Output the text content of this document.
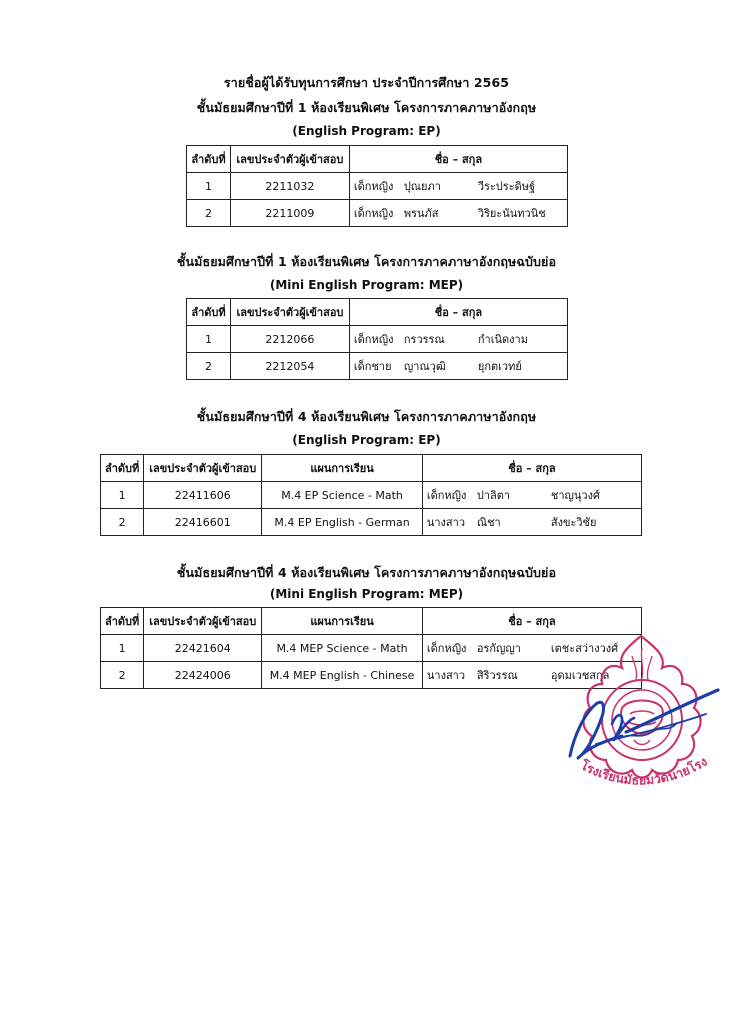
รายชื่อผู้ได้รับทุนการศึกษา ประจำปีการศึกษา 2565
ชั้นมัธยมศึกษาปีที่ 1 ห้องเรียนพิเศษ โครงการภาคภาษาอังกฤษ
(English Program: EP)
ลำดับที่	เลขประจำตัวผู้เข้าสอบ	ชื่อ – สกุล
1	2211032	เด็กหญิง ปุณยภา วีระประดิษฐ์
2	2211009	เด็กหญิง พรนภัส วิริยะนันทวนิช
ชั้นมัธยมศึกษาปีที่ 1 ห้องเรียนพิเศษ โครงการภาคภาษาอังกฤษฉบับย่อ
(Mini English Program: MEP)
ลำดับที่	เลขประจำตัวผู้เข้าสอบ	ชื่อ – สกุล
1	2212066	เด็กหญิง กรวรรณ กำเนิดงาม
2	2212054	เด็กชาย ญาณวุฒิ ยุกตเวทย์
ชั้นมัธยมศึกษาปีที่ 4 ห้องเรียนพิเศษ โครงการภาคภาษาอังกฤษ
(English Program: EP)
ลำดับที่	เลขประจำตัวผู้เข้าสอบ	แผนการเรียน	ชื่อ – สกุล
1	22411606	M.4 EP Science - Math	เด็กหญิง ปาลิตา ชาญนุวงศ์
2	22416601	M.4 EP English - German	นางสาว ณิชา สังขะวิชัย
ชั้นมัธยมศึกษาปีที่ 4 ห้องเรียนพิเศษ โครงการภาคภาษาอังกฤษฉบับย่อ
(Mini English Program: MEP)
ลำดับที่	เลขประจำตัวผู้เข้าสอบ	แผนการเรียน	ชื่อ – สกุล
1	22421604	M.4 MEP Science - Math	เด็กหญิง อรกัญญา เตชะสว่างวงศ์
2	22424006	M.4 MEP English - Chinese	นางสาว สิริวรรณ อุดมเวชสกุล
โรงเรียนมัธยมวัดนายโรง
